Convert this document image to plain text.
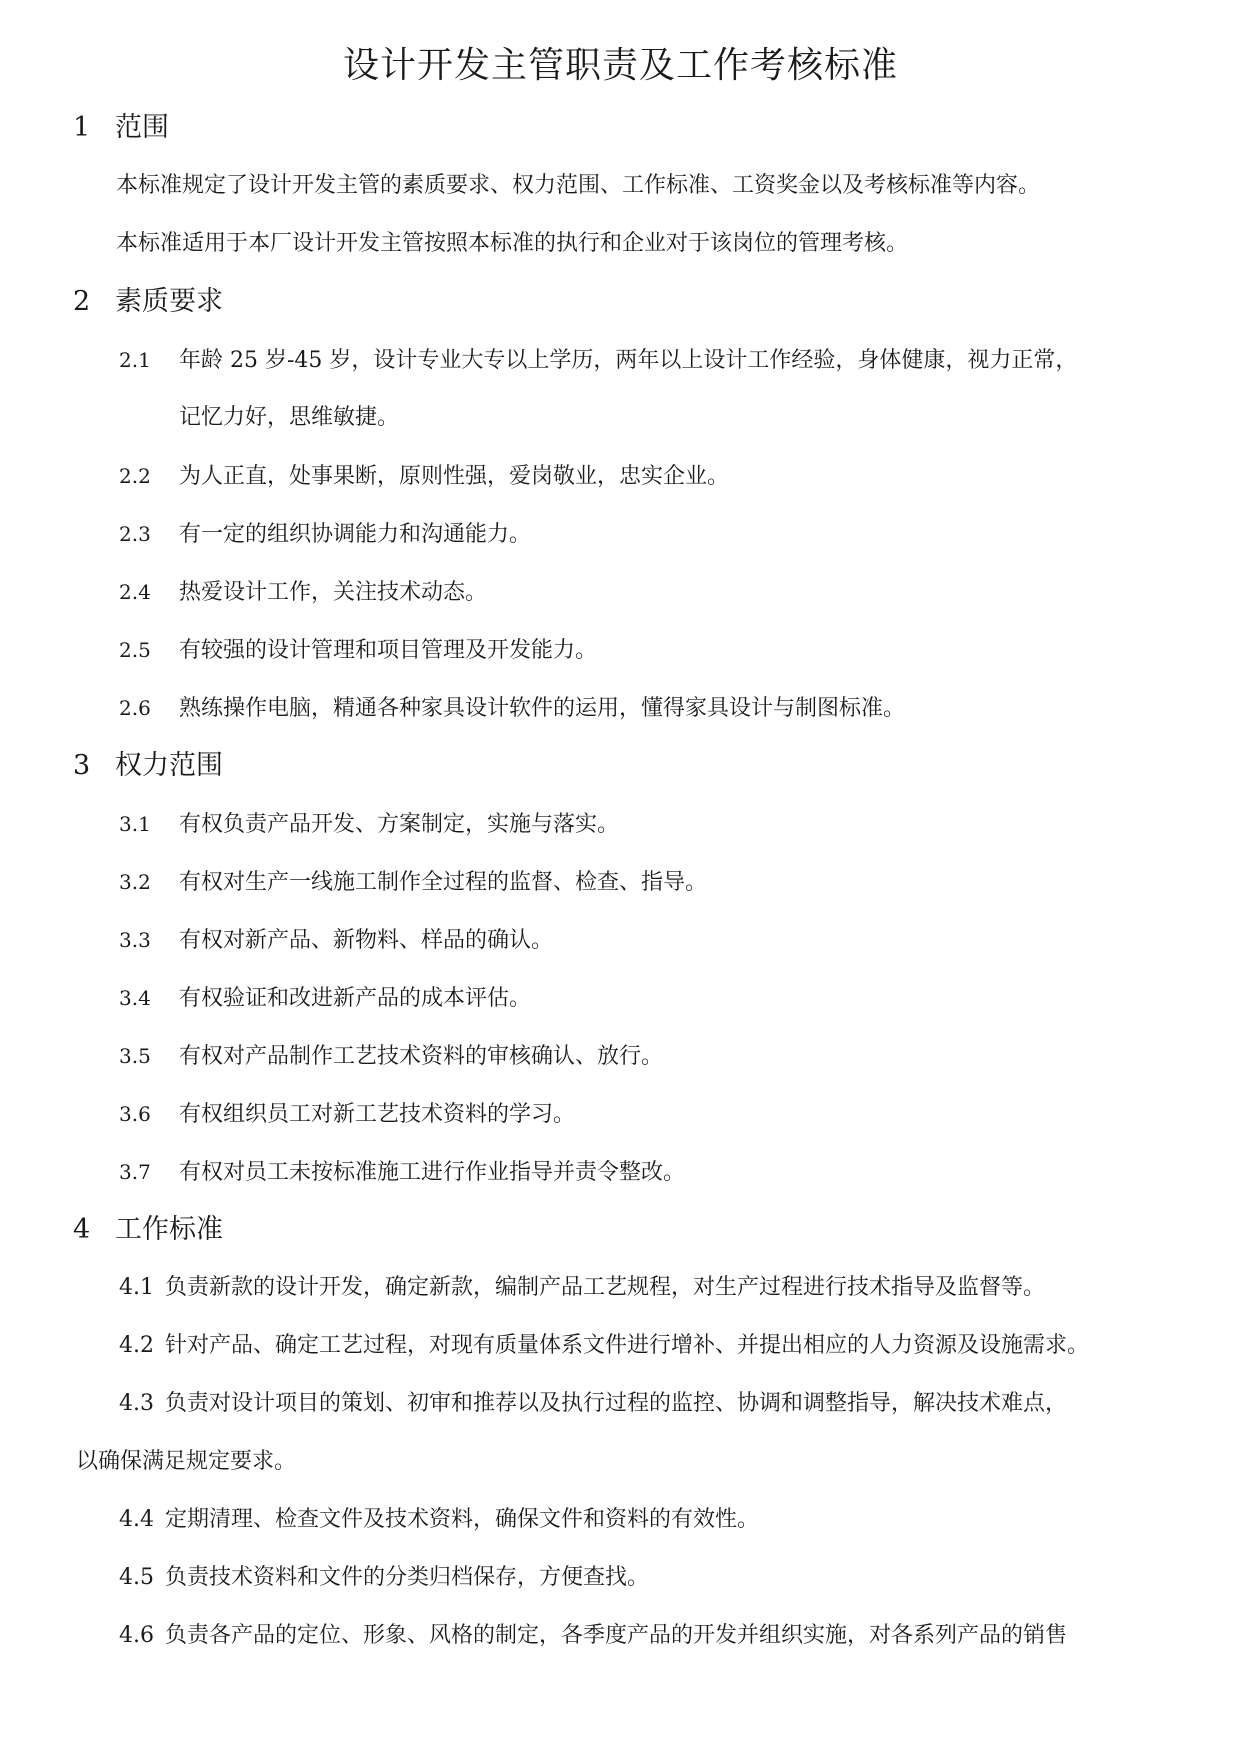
设计开发主管职责及工作考核标准
1 范围
本标准规定了设计开发主管的素质要求、权力范围、工作标准、工资奖金以及考核标准等内容。
本标准适用于本厂设计开发主管按照本标准的执行和企业对于该岗位的管理考核。
2 素质要求
2.1 年龄 25 岁-45 岁，设计专业大专以上学历，两年以上设计工作经验，身体健康，视力正常，
记忆力好，思维敏捷。
2.2 为人正直，处事果断，原则性强，爱岗敬业，忠实企业。
2.3 有一定的组织协调能力和沟通能力。
2.4 热爱设计工作，关注技术动态。
2.5 有较强的设计管理和项目管理及开发能力。
2.6 熟练操作电脑，精通各种家具设计软件的运用，懂得家具设计与制图标准。
3 权力范围
3.1 有权负责产品开发、方案制定，实施与落实。
3.2 有权对生产一线施工制作全过程的监督、检查、指导。
3.3 有权对新产品、新物料、样品的确认。
3.4 有权验证和改进新产品的成本评估。
3.5 有权对产品制作工艺技术资料的审核确认、放行。
3.6 有权组织员工对新工艺技术资料的学习。
3.7 有权对员工未按标准施工进行作业指导并责令整改。
4 工作标准
4.1 负责新款的设计开发，确定新款，编制产品工艺规程，对生产过程进行技术指导及监督等。
4.2 针对产品、确定工艺过程，对现有质量体系文件进行增补、并提出相应的人力资源及设施需求。
4.3 负责对设计项目的策划、初审和推荐以及执行过程的监控、协调和调整指导，解决技术难点，
以确保满足规定要求。
4.4 定期清理、检查文件及技术资料，确保文件和资料的有效性。
4.5 负责技术资料和文件的分类归档保存，方便查找。
4.6 负责各产品的定位、形象、风格的制定，各季度产品的开发并组织实施，对各系列产品的销售
